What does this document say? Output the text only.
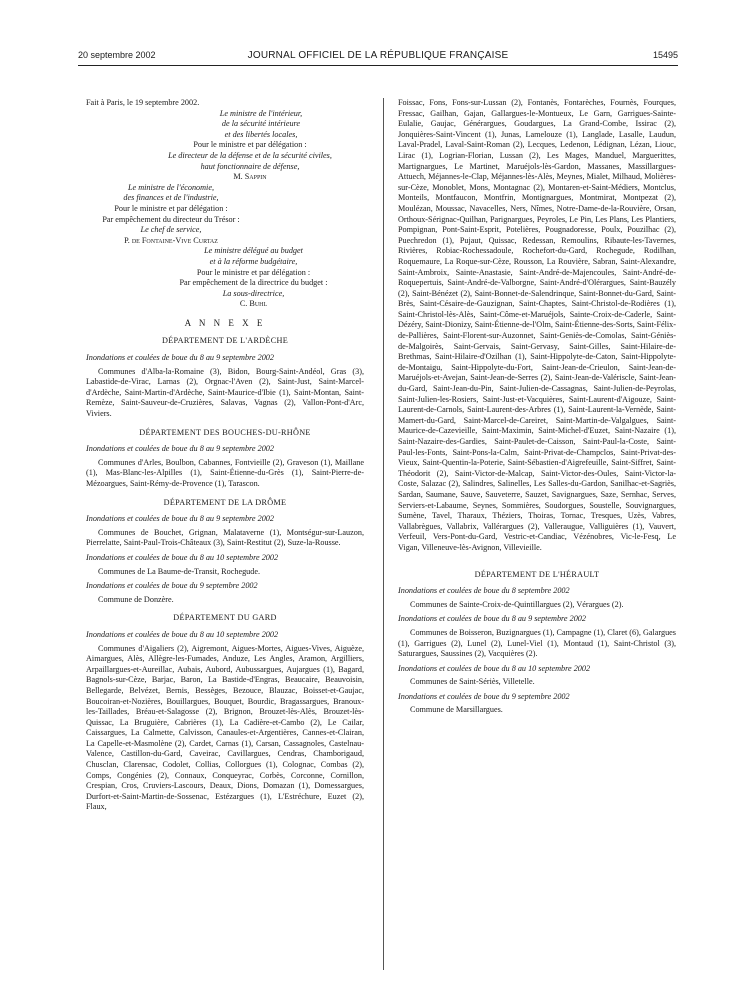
20 septembre 2002	JOURNAL OFFICIEL DE LA RÉPUBLIQUE FRANÇAISE	15495

Fait à Paris, le 19 septembre 2002.

Le ministre de l'intérieur,

de la sécurité intérieure

et des libertés locales,

Pour le ministre et par délégation :

Le directeur de la défense et de la sécurité civiles,

haut fonctionnaire de défense,

M. Sappin

Le ministre de l'économie,

des finances et de l'industrie,

Pour le ministre et par délégation :

Par empêchement du directeur du Trésor :

Le chef de service,

P. de Fontaine-Vive Curtaz

Le ministre délégué au budget

et à la réforme budgétaire,

Pour le ministre et par délégation :

Par empêchement de la directrice du budget :

La sous-directrice,

C. Buhl

A N N E X E
DÉPARTEMENT DE L'ARDÈCHE

Inondations et coulées de boue du 8 au 9 septembre 2002

Communes d'Alba-la-Romaine (3), Bidon, Bourg-Saint-Andéol, Gras (3), Labastide-de-Virac, Larnas (2), Orgnac-l'Aven (2), Saint-Just, Saint-Marcel-d'Ardèche, Saint-Martin-d'Ardèche, Saint-Maurice-d'Ibie (1), Saint-Montan, Saint-Remèze, Saint-Sauveur-de-Cruzières, Salavas, Vagnas (2), Vallon-Pont-d'Arc, Viviers.

DÉPARTEMENT DES BOUCHES-DU-RHÔNE

Inondations et coulées de boue du 8 au 9 septembre 2002

Communes d'Arles, Boulbon, Cabannes, Fontvieille (2), Graveson (1), Maillane (1), Mas-Blanc-les-Alpilles (1), Saint-Étienne-du-Grès (1), Saint-Pierre-de-Mézoargues, Saint-Rémy-de-Provence (1), Tarascon.

DÉPARTEMENT DE LA DRÔME

Inondations et coulées de boue du 8 au 9 septembre 2002

Communes de Bouchet, Grignan, Malataverne (1), Montségur-sur-Lauzon, Pierrelatte, Saint-Paul-Trois-Châteaux (3), Saint-Restitut (2), Suze-la-Rousse.

Inondations et coulées de boue du 8 au 10 septembre 2002

Communes de La Baume-de-Transit, Rochegude.

Inondations et coulées de boue du 9 septembre 2002

Commune de Donzère.

DÉPARTEMENT DU GARD

Inondations et coulées de boue du 8 au 10 septembre 2002

Communes d'Aigaliers (2), Aigremont, Aigues-Mortes, Aigues-Vives, Aiguèze, Aimargues, Alès, Allègre-les-Fumades, Anduze, Les Angles, Aramon, Argilliers, Arpaillargues-et-Aureillac, Aubais, Aubord, Aubussargues, Aujargues (1), Bagard, Bagnols-sur-Cèze, Barjac, Baron, La Bastide-d'Engras, Beaucaire, Beauvoisin, Bellegarde, Belvézet, Bernis, Bessèges, Bezouce, Blauzac, Boisset-et-Gaujac, Boucoiran-et-Nozières, Bouillargues, Bouquet, Bourdic, Bragassargues, Branoux-les-Taillades, Bréau-et-Salagosse (2), Brignon, Brouzet-lès-Alès, Brouzet-lès-Quissac, La Bruguière, Cabrières (1), La Cadière-et-Cambo (2), Le Cailar, Caissargues, La Calmette, Calvisson, Canaules-et-Argentières, Cannes-et-Clairan, La Capelle-et-Masmolène (2), Cardet, Carnas (1), Carsan, Cassagnoles, Castelnau-Valence, Castillon-du-Gard, Caveirac, Cavillargues, Cendras, Chamborigaud, Chusclan, Clarensac, Codolet, Collias, Collorgues (1), Colognac, Combas (2), Comps, Congénies (2), Connaux, Conqueyrac, Corbès, Corconne, Cornillon, Crespian, Cros, Cruviers-Lascours, Deaux, Dions, Domazan (1), Domessargues, Durfort-et-Saint-Martin-de-Sossenac, Estézargues (1), L'Estréchure, Euzet (2), Flaux,

Foissac, Fons, Fons-sur-Lussan (2), Fontanès, Fontarèches, Fournès, Fourques, Fressac, Gailhan, Gajan, Gallargues-le-Montueux, Le Garn, Garrigues-Sainte-Eulalie, Gaujac, Générargues, Goudargues, La Grand-Combe, Issirac (2), Jonquières-Saint-Vincent (1), Junas, Lamelouze (1), Langlade, Lasalle, Laudun, Laval-Pradel, Laval-Saint-Roman (2), Lecques, Ledenon, Lédignan, Lézan, Liouc, Lirac (1), Logrian-Florian, Lussan (2), Les Mages, Manduel, Marguerittes, Martignargues, Le Martinet, Maruéjols-lès-Gardon, Massanes, Massillargues-Attuech, Méjannes-le-Clap, Méjannes-lès-Alès, Meynes, Mialet, Milhaud, Molières-sur-Cèze, Monoblet, Mons, Montagnac (2), Montaren-et-Saint-Médiers, Montclus, Monteils, Montfaucon, Montfrin, Montignargues, Montmirat, Montpezat (2), Moulézan, Moussac, Navacelles, Ners, Nîmes, Notre-Dame-de-la-Rouvière, Orsan, Orthoux-Sérignac-Quilhan, Parignargues, Peyroles, Le Pin, Les Plans, Les Plantiers, Pompignan, Pont-Saint-Esprit, Potelières, Pougnadoresse, Poulx, Pouzilhac (2), Puechredon (1), Pujaut, Quissac, Redessan, Remoulins, Ribaute-les-Tavernes, Rivières, Robiac-Rochessadoule, Rochefort-du-Gard, Rochegude, Rodilhan, Roquemaure, La Roque-sur-Cèze, Rousson, La Rouvière, Sabran, Saint-Alexandre, Saint-Ambroix, Sainte-Anastasie, Saint-André-de-Majencoules, Saint-André-de-Roquepertuis, Saint-André-de-Valborgne, Saint-André-d'Olérargues, Saint-Bauzély (2), Saint-Bénézet (2), Saint-Bonnet-de-Salendrinque, Saint-Bonnet-du-Gard, Saint-Brès, Saint-Césaire-de-Gauzignan, Saint-Chaptes, Saint-Christol-de-Rodières (1), Saint-Christol-lès-Alès, Saint-Côme-et-Maruéjols, Sainte-Croix-de-Caderle, Saint-Dézéry, Saint-Dionizy, Saint-Étienne-de-l'Olm, Saint-Étienne-des-Sorts, Saint-Félix-de-Pallières, Saint-Florent-sur-Auzonnet, Saint-Geniès-de-Comolas, Saint-Géniès-de-Malgoirès, Saint-Gervais, Saint-Gervasy, Saint-Gilles, Saint-Hilaire-de-Brethmas, Saint-Hilaire-d'Ozilhan (1), Saint-Hippolyte-de-Caton, Saint-Hippolyte-de-Montaigu, Saint-Hippolyte-du-Fort, Saint-Jean-de-Crieulon, Saint-Jean-de-Maruéjols-et-Avejan, Saint-Jean-de-Serres (2), Saint-Jean-de-Valériscle, Saint-Jean-du-Gard, Saint-Jean-du-Pin, Saint-Julien-de-Cassagnas, Saint-Julien-de-Peyrolas, Saint-Julien-les-Rosiers, Saint-Just-et-Vacquières, Saint-Laurent-d'Aigouze, Saint-Laurent-de-Carnols, Saint-Laurent-des-Arbres (1), Saint-Laurent-la-Vernède, Saint-Mamert-du-Gard, Saint-Marcel-de-Careiret, Saint-Martin-de-Valgalgues, Saint-Maurice-de-Cazevieille, Saint-Maximin, Saint-Michel-d'Euzet, Saint-Nazaire (1), Saint-Nazaire-des-Gardies, Saint-Paulet-de-Caisson, Saint-Paul-la-Coste, Saint-Paul-les-Fonts, Saint-Pons-la-Calm, Saint-Privat-de-Champclos, Saint-Privat-des-Vieux, Saint-Quentin-la-Poterie, Saint-Sébastien-d'Aigrefeuille, Saint-Siffret, Saint-Théodorit (2), Saint-Victor-de-Malcap, Saint-Victor-des-Oules, Saint-Victor-la-Coste, Salazac (2), Salindres, Salinelles, Les Salles-du-Gardon, Sanilhac-et-Sagriès, Sardan, Saumane, Sauve, Sauveterre, Sauzet, Savignargues, Saze, Sernhac, Serves, Serviers-et-Labaume, Seynes, Sommières, Soudorgues, Soustelle, Souvignargues, Sumène, Tavel, Tharaux, Théziers, Thoiras, Tornac, Tresques, Uzès, Vabres, Vallabrègues, Vallabrix, Vallérargues (2), Valleraugue, Valliguières (1), Vauvert, Verfeuil, Vers-Pont-du-Gard, Vestric-et-Candiac, Vézénobres, Vic-le-Fesq, Le Vigan, Villeneuve-lès-Avignon, Villevieille.

DÉPARTEMENT DE L'HÉRAULT

Inondations et coulées de boue du 8 septembre 2002

Communes de Sainte-Croix-de-Quintillargues (2), Vérargues (2).

Inondations et coulées de boue du 8 au 9 septembre 2002

Communes de Boisseron, Buzignargues (1), Campagne (1), Claret (6), Galargues (1), Garrigues (2), Lunel (2), Lunel-Viel (1), Montaud (1), Saint-Christol (3), Saturargues, Saussines (2), Vacquières (2).

Inondations et coulées de boue du 8 au 10 septembre 2002

Communes de Saint-Sériès, Villetelle.

Inondations et coulées de boue du 9 septembre 2002

Commune de Marsillargues.
